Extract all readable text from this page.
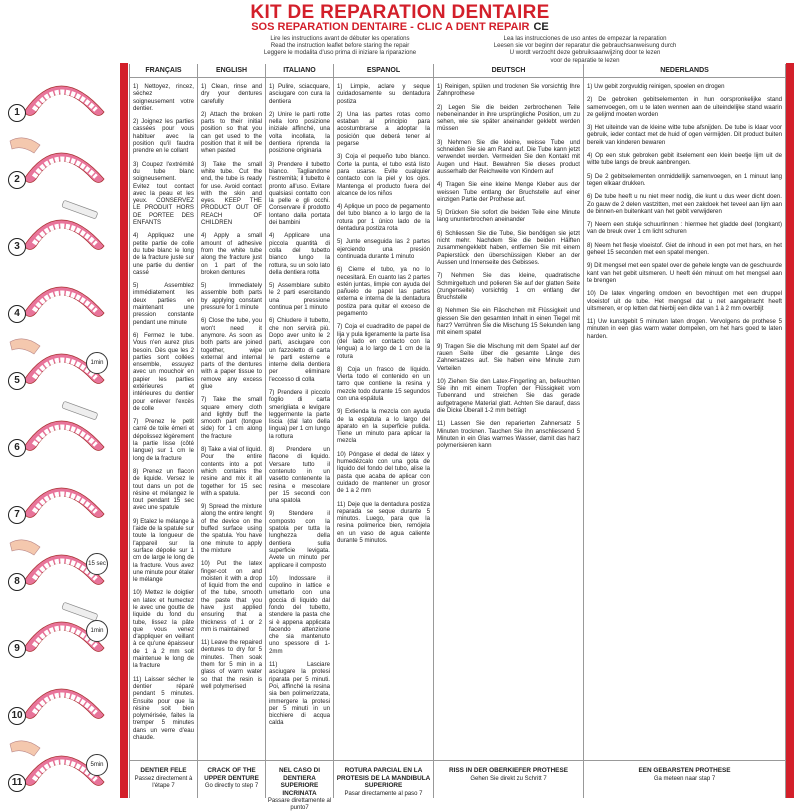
KIT DE REPARATION DENTAIRE
SOS REPARATION DENTAIRE - CLIC A DENT REPAIR CE
Lire les instructions avant de débuter les operations
Read the instruction leaflet before staring the repair
Leggere le modalita d'uso prima di iniziare la riparazione
Lea las instrucciones de uso antes de empezar la reparation
Leesen sie vor beginn der reparatur die gebrauchsanweisung durch
U wordt verzocht deze gebruiksaanwijzing door te lezen
voor de reparatie te lezen
1
2
3
4
5
1min
6
7
8
15 sec
9
1min
10
11
5min
FRANÇAIS

1) Nettoyez, rincez, séchez soigneusement votre dentier.

2) Joignez les parties cassées pour vous habituer avec la position qu'il faudra prendre en le collant

3) Coupez l'extrémité du tube blanc soigneusement. Evitez tout contact avec la peau et les yeux. CONSERVEZ LE PRODUIT HORS DE PORTEE DES ENFANTS

4) Appliquez une petite partie de colle du tube blanc le long de la fracture juste sur une partie du dentier cassé

5) Assemblez immédiatement les deux parties en maintenant une pression constante pendant une minute

6) Fermez le tube. Vous n'en aurez plus besoin. Dès que les 2 parties sont collées ensemble, essuyez avec un mouchoir en papier les parties extérieures et intérieures du dentier pour enlever l'excès de colle

7) Prenez le petit carré de toile émeri et dépolissez légèrement la partie lisse (côté langue) sur 1 cm le long de la fracture

8) Prenez un flacon de liquide. Versez le tout dans un pot de résine et mélangez le tout pendant 15 sec avec une spatule

9) Etalez le mélange à l'aide de la spatule sur toute la longueur de l'appareil sur la surface dépolie sur 1 cm de large le long de la fracture. Vous avez une minute pour étaler le mélange

10) Mettez le doigtier en latex et humectez le avec une goutte de liquide du fond du tube, lissez la pâte que vous venez d'appliquer en veillant à ce qu'une épaisseur de 1 à 2 mm soit maintenue le long de la fracture

11) Laisser sécher le dentier réparé pendant 5 minutes. Ensuite pour que la résine soit bien polymérisée, faites la tremper 5 minutes dans un verre d'eau chaude.

DENTIER FELE
Passez directement à l'étape 7
ENGLISH

1) Clean, rinse and dry your dentures carefully

2) Attach the broken parts to their initial position so that you can get used to the position that it will be when pasted

3) Take the small white tube. Cut the end, the tube is ready for use. Avoid contact with the skin and eyes. KEEP THE PRODUCT OUT OF REACH OF CHILDREN

4) Apply a small amount of adhesive from the white tube along the fracture just on 1 part of the broken dentures

5) Immediately assemble both parts by applying constant pressure for 1 minute

6) Close the tube, you won't need it anymore. As soon as both parts are joined together, wipe external and internal parts of the dentures with a paper tissue to remove any excess glue

7) Take the small square emery cloth and lightly buff the smooth part (tongue side) for 1 cm along the fracture

8) Take a vial of liquid. Pour the entire contents into a pot which contains the resine and mix it all together for 15 sec with a spatula.

9) Spread the mixture along the entire lenght of the device on the buffed surface using the spatula. You have one minute to apply the mixture

10) Put the latex finger-cot on and moisten it with a drop of liquid from the end of the tube, smooth the paste that you have just applied ensuring that a thickness of 1 or 2 mm is maintained

11) Leave the repaired dentures to dry for 5 minutes. Then soak them for 5 min in a glass of warm water so that the resin is well polymerised

CRACK OF THE UPPER DENTURE
Go directly to step 7
ITALIANO

1) Pulire, sciacquare, asciugare con cura la dentiera

2) Unire le parti rotte nella loro posizione iniziale affinché, una volta incollata, la dentiera riprenda la posizione originaria

3) Prendere il tubetto bianco. Tagliandone l'estremità; il tubetto è pronto all'uso. Evitare qualsiasi contatto con la pelle e gli occhi. Conservare il prodotto lontano dalla portata dei bambini

4) Applicare una piccola quantità di colla del tubetto bianco lungo la rottura, su un solo lato della dentiera rotta

5) Assemblare subito le 2 parti esercitando una pressione continua per 1 minuto

6) Chiudere il tubetto, che non servirà più. Dopo aver unito le 2 parti, asciugare con un fazzoletto di carta le parti esterne e interne della dentiera per eliminare l'eccesso di colla

7) Prendere il piccolo foglio di carta smerigliata e levigare leggermente la parte liscia (dal lato della lingua) per 1 cm lungo la rottura

8) Prendere un flacone di liquido. Versare tutto il contenuto in un vasetto contenente la resina e mescolare per 15 secondi con una spatola

9) Stendere il composto con la spatola per tutta la lunghezza della dentiera sulla superficie levigata. Avete un minuto per applicare il composto

10) Indossare il cupolino in lattice e umettarlo con una goccia di liquido dal fondo del tubetto, stendere la pasta che si è appena applicata facendo attenzione che sia mantenuto uno spessore di 1-2mm

11) Lasciare asciugare la protesi riparata per 5 minuti. Poi, affinché la resina sia ben polimerizzata, immergere la protesi per 5 minuti in un bicchiere di acqua calda

NEL CASO DI DENTIERA SUPERIORE INCRINATA
Passare direttamente al punto7
ESPANOL

1) Limpie, aclare y seque cuidadosamente su dentadura postiza

2) Una las partes rotas como estaban al principio para acostumbrarse a adoptar la posición que deberá tener al pegarse

3) Coja el pequeño tubo blanco. Corte la punta, el tubo está listo para usarse. Evite cualquier contacto con la piel y los ojos. Mantenga el producto fuera del alcance de los niños

4) Aplique un poco de pegamento del tubo blanco a lo largo de la rotura por 1 único lado de la dentadura postiza rota

5) Junte enseguida las 2 partes ejerciendo una presión continuada durante 1 minuto

6) Cierre el tubo, ya no lo necesitará. En cuanto las 2 partes estén juntas, limpie con ayuda del pañuelo de papel las partes externa e interna de la dentadura postiza para quitar el exceso de pegamento

7) Coja el cuadradito de papel de lija y pula ligeramente la parte lisa (del lado en contacto con la lengua) a lo largo de 1 cm de la rotura

8) Coja un frasco de líquido. Vierta todo el contenido en un tarro que contiene la resina y mezcle todo durante 15 segundos con una espátula

9) Extienda la mezcla con ayuda de la espátula a lo largo del aparato en la superficie pulida. Tiene un minuto para aplicar la mezcla

10) Póngase el dedal de látex y humedézcalo con una gota de líquido del fondo del tubo, alise la pasta que acaba de aplicar con cuidado de mantener un grosor de 1 a 2 mm

11) Deje que la dentadura postiza reparada se seque durante 5 minutos. Luego, para que la resina polimerice bien, remójela en un vaso de agua caliente durante 5 minutos.

ROTURA PARCIAL EN LA PROTESIS DE LA MANDIBULA SUPERIORE
Pasar directamente al paso 7
DEUTSCH

1) Reinigen, spülen und trocknen Sie vorsichtig Ihre Zahnprothese

2) Legen Sie die beiden zerbrochenen Teile nebeneinander in ihre ursprüngliche Position, um zu sehen, wie sie später aneinander geklebt werden müssen

3) Nehmen Sie die kleine, weisse Tube und schneiden Sie sie am Rand auf. Die Tube kann jetzt verwendet werden. Vermeiden Sie den Kontakt mit Augen und Haut. Bewahren Sie dieses product ausserhalb der Reichweite von Kindern auf

4) Tragen Sie eine kleine Menge Kleber aus der weissen Tube entlang der Bruchstelle auf einer einzigen Partie der Prothese auf.

5) Drücken Sie sofort die beiden Teile eine Minute lang ununterbrochen aneinander

6) Schliessen Sie die Tube, Sie benötigen sie jetzt nicht mehr. Nachdem Sie die beiden Hälften zusammengeklebt haben, entfernen Sie mit einem Papierstück den überschüssigen Kleber an der Aussen und Innenseite des Gebisses.

7) Nehmen Sie das kleine, quadratische Schmirgeltuch und polieren Sie auf der glatten Seite (zungenseite) vorsichtig 1 cm entlang der Bruchstelle

8) Nehmen Sie ein Fläschchen mit Flüssigkeit und giessen Sie den gesamten Inhalt in einen Tiegel mit harz? Verrühren Sie die Mischung 15 Sekunden lang mit einem spatel

9) Tragen Sie die Mischung mit dem Spatel auf der rauen Seite über die gesamte Länge des Zahnersatzes auf. Sie haben eine Minute zum Verteilen

10) Ziehen Sie den Latex-Fingerling an, befeuchten Sie ihn mit einem Tropfen der Flüssigkeit vom Tubenrand und streichen Sie das gerade aufgetragene Material glatt. Achten Sie darauf, dass die Dicke Überall 1-2 mm beträgt

11) Lassen Sie den reparierten Zahnersatz 5 Minuten trocknen. Tauchen Sie ihn anschliessend 5 Minuten in ein Glas warmes Wasser, damit das harz polymerisieren kann

RISS IN DER OBERKIEFER PROTHESE
Gehen Sie direkt zu Schritt 7
NEDERLANDS

1) Uw gebit zorgvuldig reinigen, spoelen en drogen

2) De gebroken gebitselementen in hun oorspronkelijke stand samenvoegen, om u te laten wennen aan de uiteindelijke stand waarin ze gelijmd moeten worden

3) Het uiteinde van de kleine witte tube afsnijden. De tube is klaar voor gebruik, ieder contact met de huid of ogen vermijden. Dit product buiten bereik van kinderen bewaren

4) Op een stuk gebroken gebit itselement een klein beetje lijm uit de witte tube langs de breuk aanbrengen.

5) De 2 gebitselementen onmiddellijk samenvoegen, en 1 minuut lang tegen elkaar drukken.

6) De tube heeft u nu niet meer nodig, die kunt u dus weer dicht doen. Zo gauw de 2 delen vastzitten, met een zakdoek het teveel aan lijm aan de binnen-en buitenkant van het gebit verwijderen

7) Neem een stukje schuurlinnen : hiermee het gladde deel (tongkant) van de breuk over 1 cm licht schuren

8) Neem het flesje vloeistof. Giet de inhoud in een pot met hars, en het geheel 15 seconden met een spatel mengen.

9) Dit mengsel met een spatel over de gehele lengte van de geschuurde kant van het gebit uitsmeren. U heeft één minuut om het mengsel aan te brengen

10) De latex vingerling omdoen en bevochtigen met een druppel vloeistof uit de tube. Het mengsel dat u net aangebracht heeft uitsmeren, er op letten dat hierbij een dikte van 1 à 2 mm overblijt

11) Uw kunstgebit 5 minuten laten drogen. Vervolgens de prothese 5 minuten in een glas warm water dompelen, om het hars goed te laten harden.

EEN GEBARSTEN PROTHESE
Ga meteen naar stap 7
